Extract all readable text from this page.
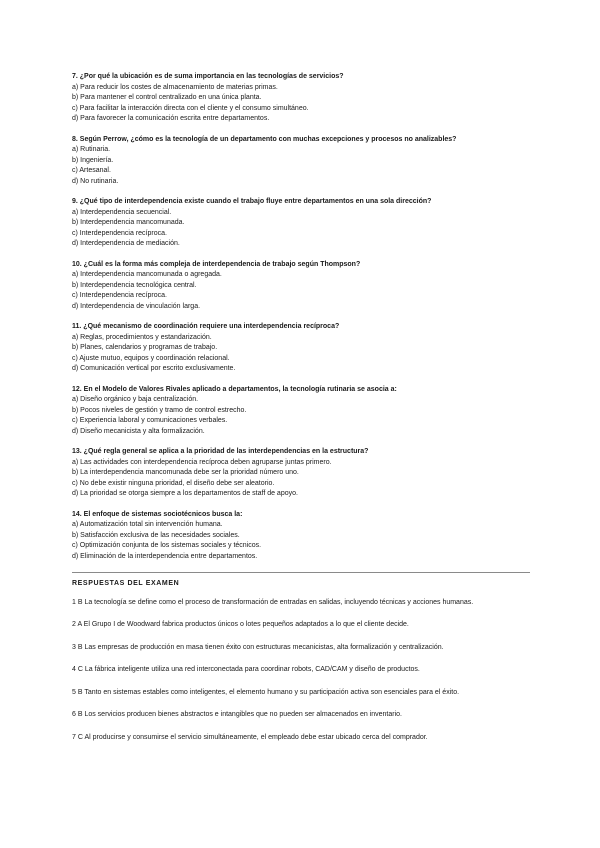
7. ¿Por qué la ubicación es de suma importancia en las tecnologías de servicios?
a) Para reducir los costes de almacenamiento de materias primas.
b) Para mantener el control centralizado en una única planta.
c) Para facilitar la interacción directa con el cliente y el consumo simultáneo.
d) Para favorecer la comunicación escrita entre departamentos.
8. Según Perrow, ¿cómo es la tecnología de un departamento con muchas excepciones y procesos no analizables?
a) Rutinaria.
b) Ingeniería.
c) Artesanal.
d) No rutinaria.
9. ¿Qué tipo de interdependencia existe cuando el trabajo fluye entre departamentos en una sola dirección?
a) Interdependencia secuencial.
b) Interdependencia mancomunada.
c) Interdependencia recíproca.
d) Interdependencia de mediación.
10. ¿Cuál es la forma más compleja de interdependencia de trabajo según Thompson?
a) Interdependencia mancomunada o agregada.
b) Interdependencia tecnológica central.
c) Interdependencia recíproca.
d) Interdependencia de vinculación larga.
11. ¿Qué mecanismo de coordinación requiere una interdependencia recíproca?
a) Reglas, procedimientos y estandarización.
b) Planes, calendarios y programas de trabajo.
c) Ajuste mutuo, equipos y coordinación relacional.
d) Comunicación vertical por escrito exclusivamente.
12. En el Modelo de Valores Rivales aplicado a departamentos, la tecnología rutinaria se asocia a:
a) Diseño orgánico y baja centralización.
b) Pocos niveles de gestión y tramo de control estrecho.
c) Experiencia laboral y comunicaciones verbales.
d) Diseño mecanicista y alta formalización.
13. ¿Qué regla general se aplica a la prioridad de las interdependencias en la estructura?
a) Las actividades con interdependencia recíproca deben agruparse juntas primero.
b) La interdependencia mancomunada debe ser la prioridad número uno.
c) No debe existir ninguna prioridad, el diseño debe ser aleatorio.
d) La prioridad se otorga siempre a los departamentos de staff de apoyo.
14. El enfoque de sistemas sociotécnicos busca la:
a) Automatización total sin intervención humana.
b) Satisfacción exclusiva de las necesidades sociales.
c) Optimización conjunta de los sistemas sociales y técnicos.
d) Eliminación de la interdependencia entre departamentos.
RESPUESTAS DEL EXAMEN
1 B La tecnología se define como el proceso de transformación de entradas en salidas, incluyendo técnicas y acciones humanas.
2 A El Grupo I de Woodward fabrica productos únicos o lotes pequeños adaptados a lo que el cliente decide.
3 B Las empresas de producción en masa tienen éxito con estructuras mecanicistas, alta formalización y centralización.
4 C La fábrica inteligente utiliza una red interconectada para coordinar robots, CAD/CAM y diseño de productos.
5 B Tanto en sistemas estables como inteligentes, el elemento humano y su participación activa son esenciales para el éxito.
6 B Los servicios producen bienes abstractos e intangibles que no pueden ser almacenados en inventario.
7 C Al producirse y consumirse el servicio simultáneamente, el empleado debe estar ubicado cerca del comprador.
